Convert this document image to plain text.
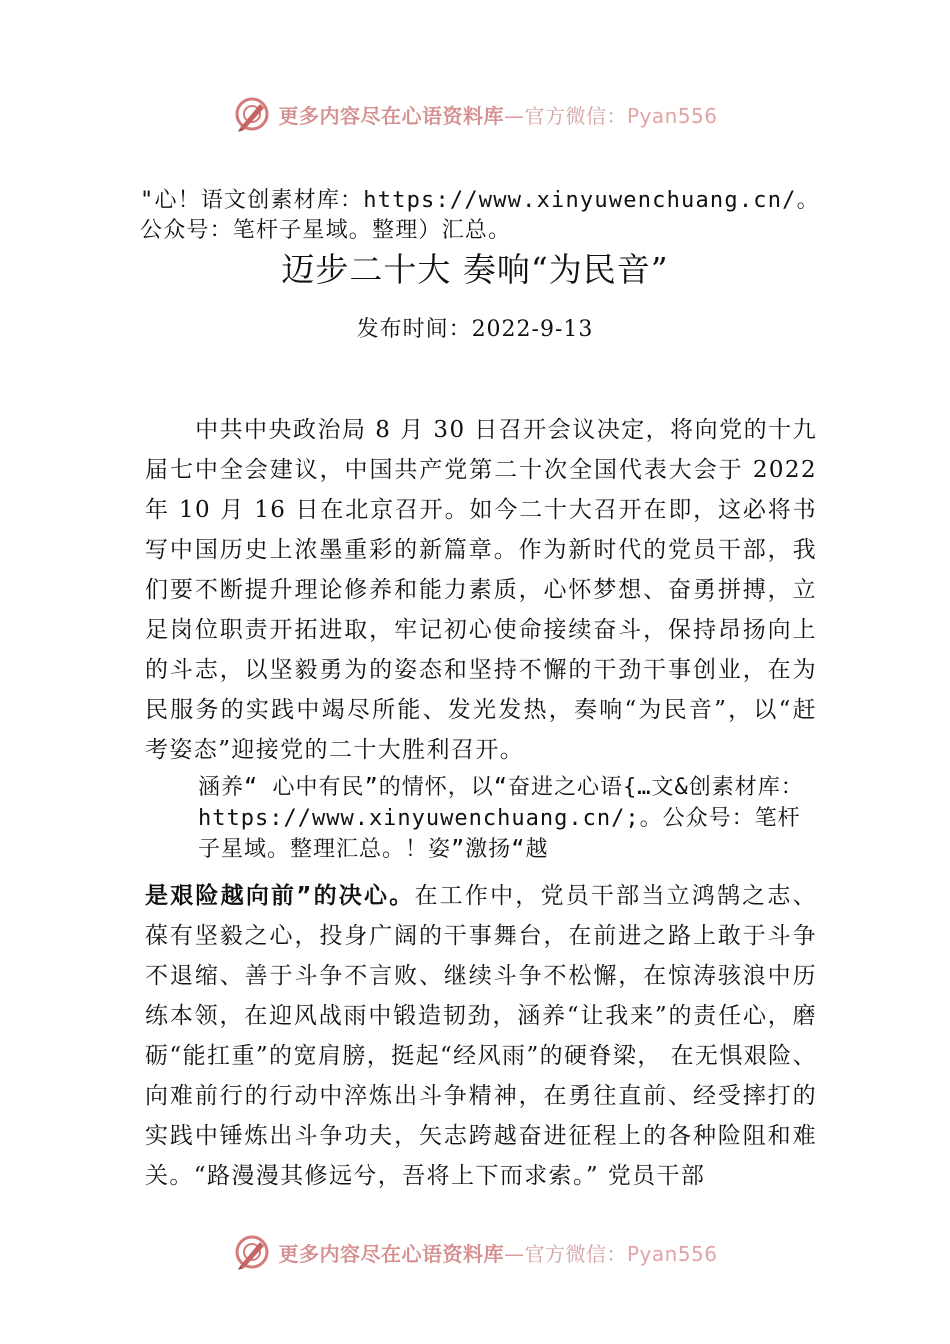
更多内容尽在心语资料库—官方微信：Pyan556
"心！语文创素材库：https://www.xinyuwenchuang.cn/。公众号：笔杆子星域。整理）汇总。
迈步二十大 奏响“为民音”
发布时间：2022-9-13
中共中央政治局 8 月 30 日召开会议决定，将向党的十九届七中全会建议，中国共产党第二十次全国代表大会于 2022 年 10 月 16 日在北京召开。如今二十大召开在即，这必将书写中国历史上浓墨重彩的新篇章。作为新时代的党员干部，我们要不断提升理论修养和能力素质，心怀梦想、奋勇拼搏，立足岗位职责开拓进取，牢记初心使命接续奋斗，保持昂扬向上的斗志，以坚毅勇为的姿态和坚持不懈的干劲干事创业，在为民服务的实践中竭尽所能、发光发热，奏响“为民音”，以“赶考姿态”迎接党的二十大胜利召开。
涵养“ 心中有民”的情怀，以“奋进之心语{…文&创素材库：https://www.xinyuwenchuang.cn/;。公众号：笔杆子星域。整理汇总。！姿”激扬“越
是艰险越向前”的决心。在工作中，党员干部当立鸿鹄之志、葆有坚毅之心，投身广阔的干事舞台，在前进之路上敢于斗争不退缩、善于斗争不言败、继续斗争不松懈，在惊涛骇浪中历练本领，在迎风战雨中锻造韧劲，涵养“让我来”的责任心，磨砺“能扛重”的宽肩膀，挺起“经风雨”的硬脊梁， 在无惧艰险、向难前行的行动中淬炼出斗争精神，在勇往直前、经受摔打的实践中锤炼出斗争功夫，矢志跨越奋进征程上的各种险阻和难关。“路漫漫其修远兮，吾将上下而求索。” 党员干部
更多内容尽在心语资料库—官方微信：Pyan556
